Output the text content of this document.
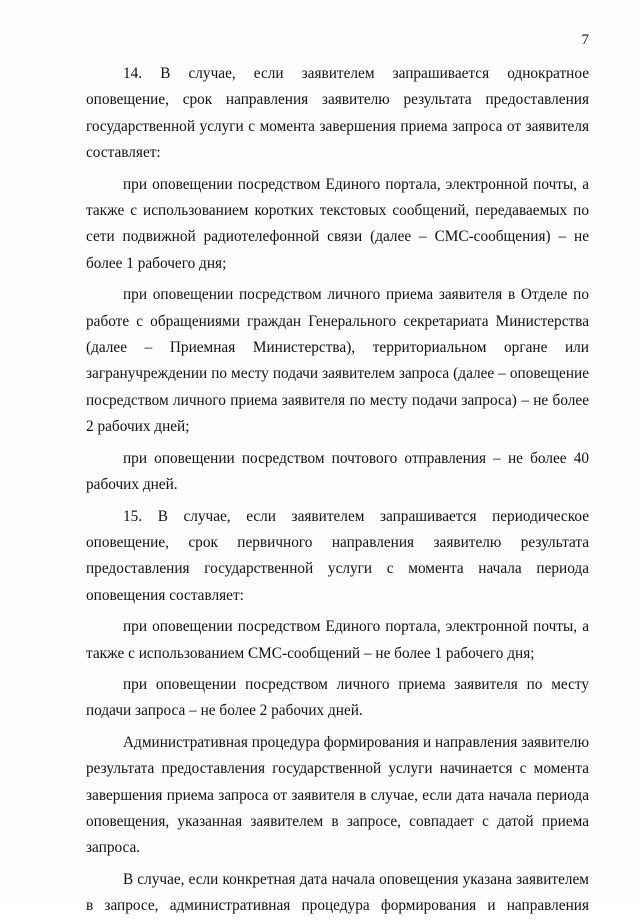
7

14. В случае, если заявителем запрашивается однократное оповещение, срок направления заявителю результата предоставления государственной услуги с момента завершения приема запроса от заявителя составляет:

при оповещении посредством Единого портала, электронной почты, а также с использованием коротких текстовых сообщений, передаваемых по сети подвижной радиотелефонной связи (далее – СМС-сообщения) – не более 1 рабочего дня;

при оповещении посредством личного приема заявителя в Отделе по работе с обращениями граждан Генерального секретариата Министерства (далее – Приемная Министерства), территориальном органе или загранучреждении по месту подачи заявителем запроса (далее – оповещение посредством личного приема заявителя по месту подачи запроса) – не более 2 рабочих дней;

при оповещении посредством почтового отправления – не более 40 рабочих дней.

15. В случае, если заявителем запрашивается периодическое оповещение, срок первичного направления заявителю результата предоставления государственной услуги с момента начала периода оповещения составляет:

при оповещении посредством Единого портала, электронной почты, а также с использованием СМС-сообщений – не более 1 рабочего дня;

при оповещении посредством личного приема заявителя по месту подачи запроса – не более 2 рабочих дней.

Административная процедура формирования и направления заявителю результата предоставления государственной услуги начинается с момента завершения приема запроса от заявителя в случае, если дата начала периода оповещения, указанная заявителем в запросе, совпадает с датой приема запроса.

В случае, если конкретная дата начала оповещения указана заявителем в запросе, административная процедура формирования и направления
